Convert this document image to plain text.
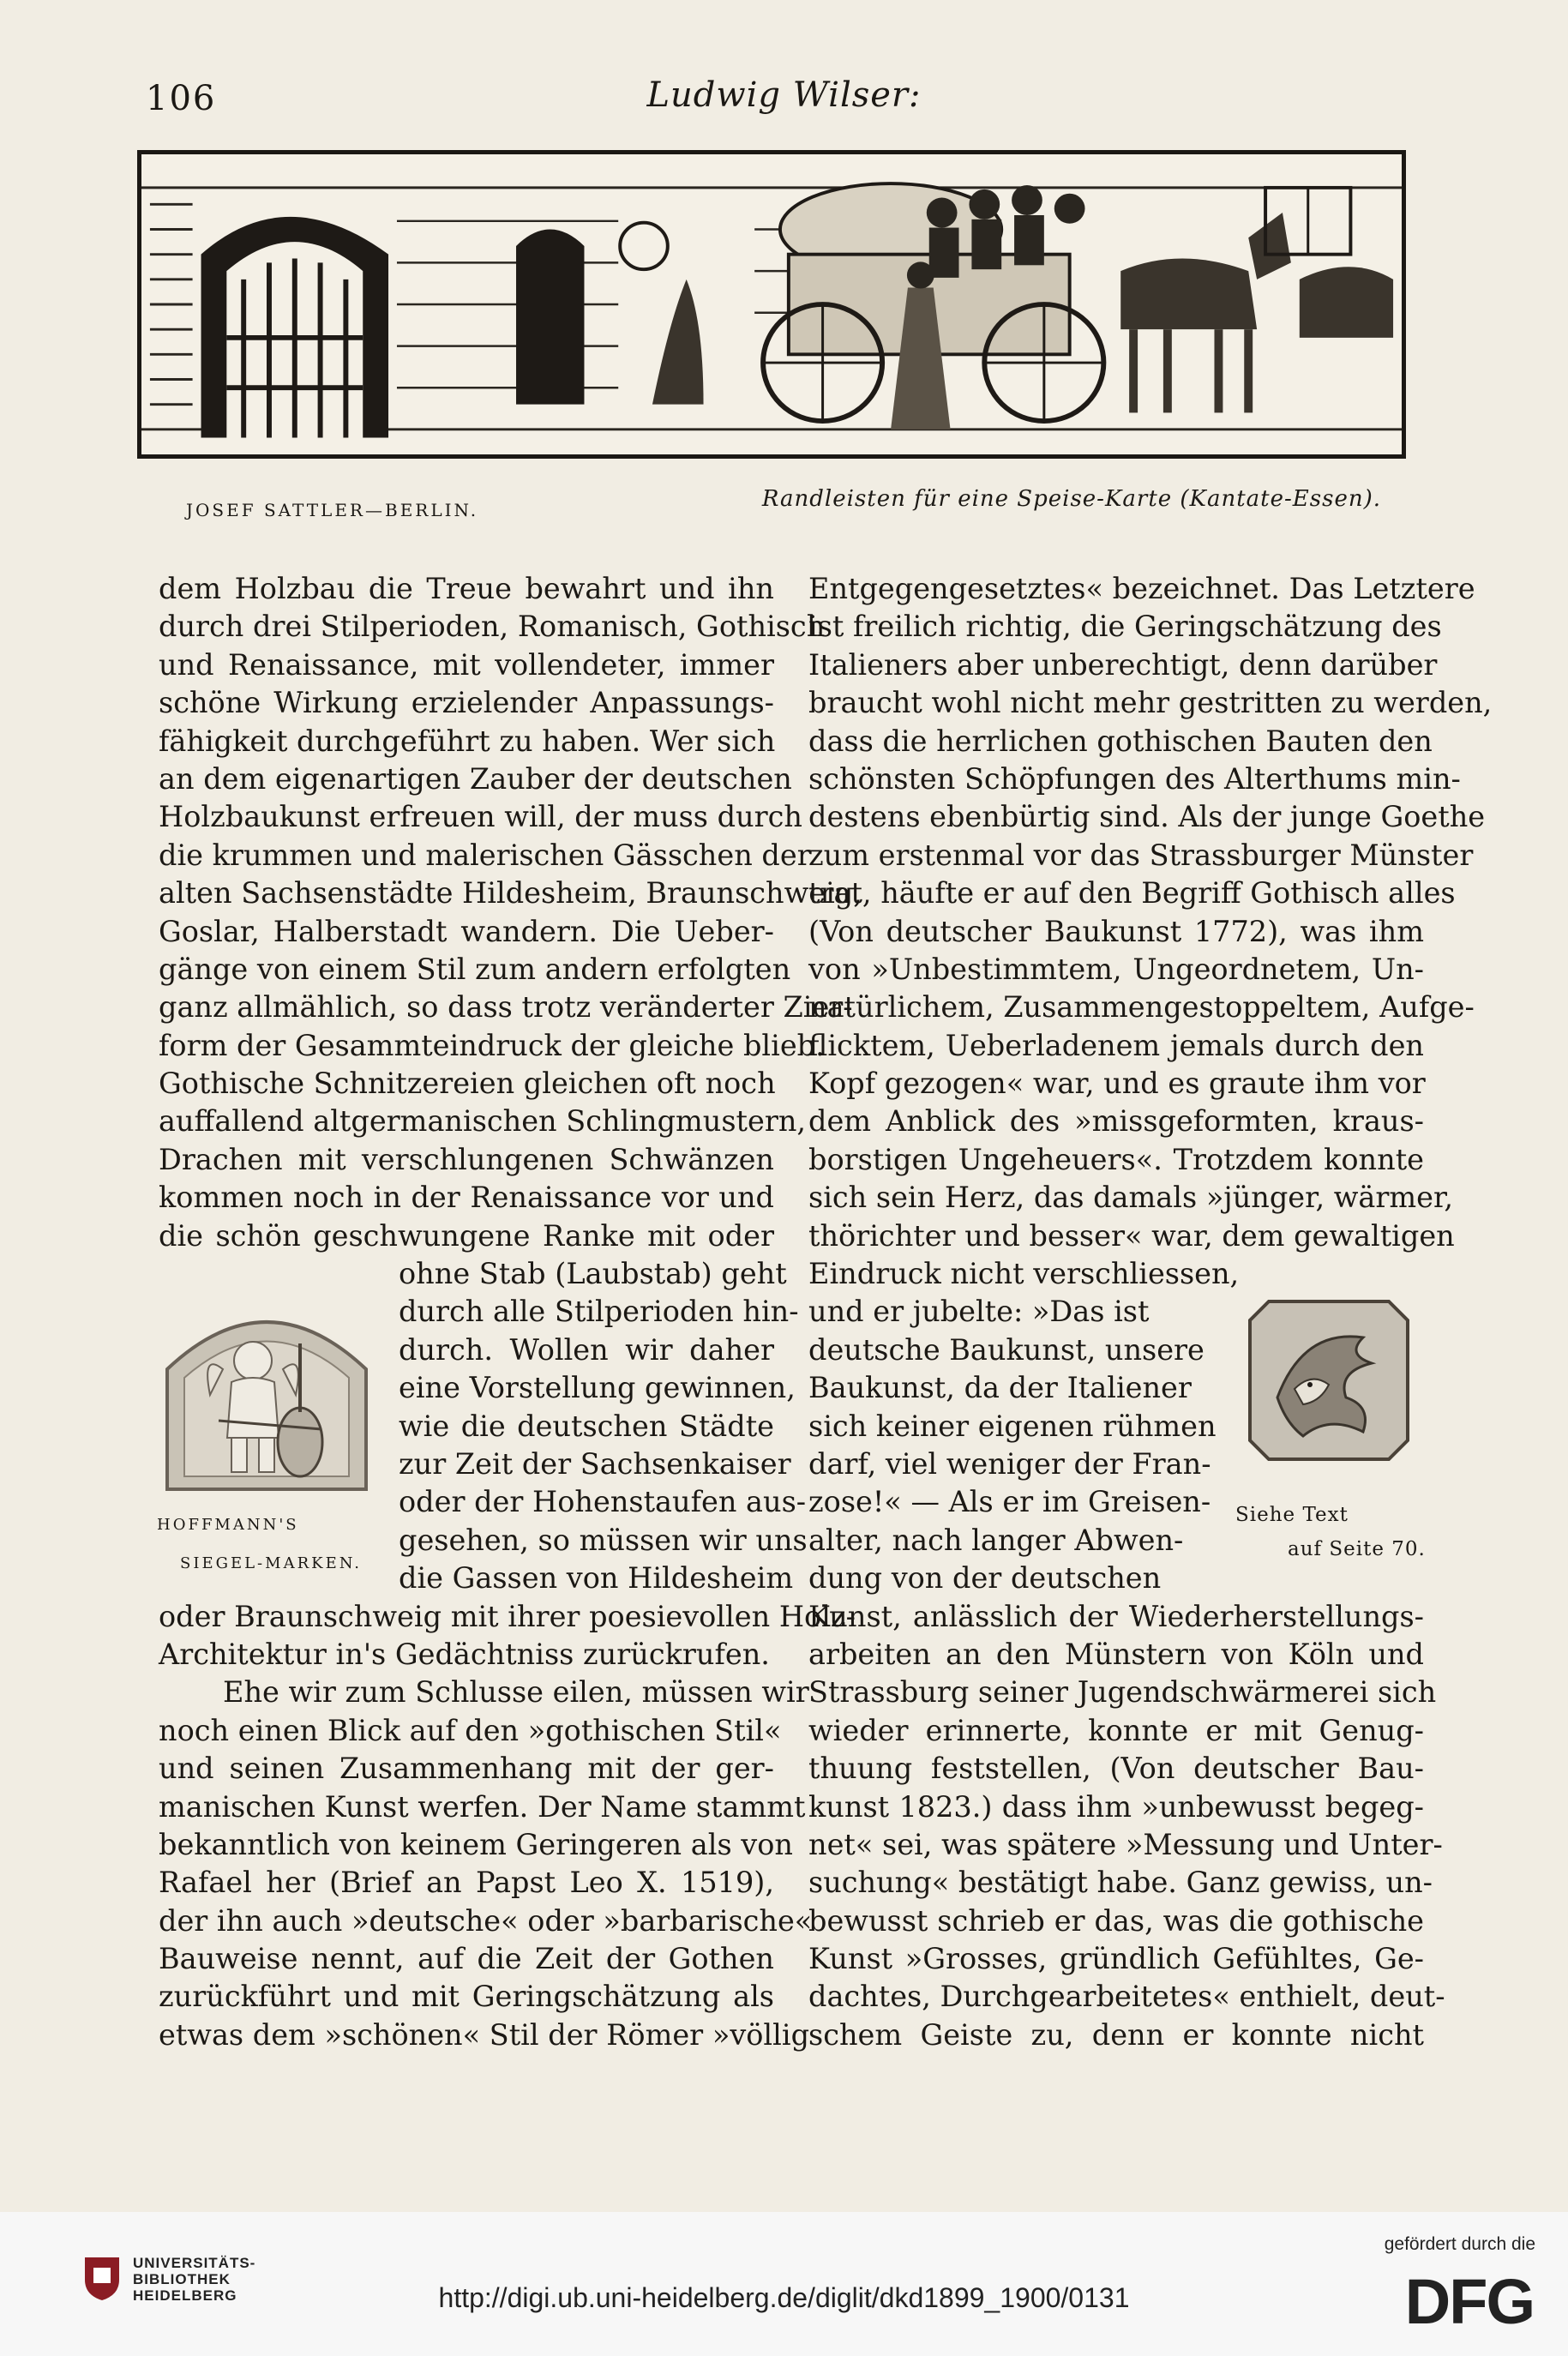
106	Ludwig Wilser:
JOSEF SATTLER—BERLIN.	Randleisten für eine Speise-Karte (Kantate-Essen).
dem Holzbau die Treue bewahrt und ihn
durch drei Stilperioden, Romanisch, Gothisch
und Renaissance, mit vollendeter, immer
schöne Wirkung erzielender Anpassungs-
fähigkeit durchgeführt zu haben. Wer sich
an dem eigenartigen Zauber der deutschen
Holzbaukunst erfreuen will, der muss durch
die krummen und malerischen Gässchen der
alten Sachsenstädte Hildesheim, Braunschweig,
Goslar, Halberstadt wandern. Die Ueber-
gänge von einem Stil zum andern erfolgten
ganz allmählich, so dass trotz veränderter Zier-
form der Gesammteindruck der gleiche blieb.
Gothische Schnitzereien gleichen oft noch
auffallend altgermanischen Schlingmustern,
Drachen mit verschlungenen Schwänzen
kommen noch in der Renaissance vor und
die schön geschwungene Ranke mit oder
ohne Stab (Laubstab) geht
durch alle Stilperioden hin-
durch. Wollen wir daher
eine Vorstellung gewinnen,
wie die deutschen Städte
zur Zeit der Sachsenkaiser
oder der Hohenstaufen aus-
gesehen, so müssen wir uns
die Gassen von Hildesheim
oder Braunschweig mit ihrer poesievollen Holz-
Architektur in's Gedächtniss zurückrufen.
Ehe wir zum Schlusse eilen, müssen wir
noch einen Blick auf den »gothischen Stil«
und seinen Zusammenhang mit der ger-
manischen Kunst werfen. Der Name stammt
bekanntlich von keinem Geringeren als von
Rafael her (Brief an Papst Leo X. 1519),
der ihn auch »deutsche« oder »barbarische«
Bauweise nennt, auf die Zeit der Gothen
zurückführt und mit Geringschätzung als
etwas dem »schönen« Stil der Römer »völlig
HOFFMANN'S
SIEGEL-MARKEN.
Entgegengesetztes« bezeichnet. Das Letztere
ist freilich richtig, die Geringschätzung des
Italieners aber unberechtigt, denn darüber
braucht wohl nicht mehr gestritten zu werden,
dass die herrlichen gothischen Bauten den
schönsten Schöpfungen des Alterthums min-
destens ebenbürtig sind. Als der junge Goethe
zum erstenmal vor das Strassburger Münster
trat, häufte er auf den Begriff Gothisch alles
(Von deutscher Baukunst 1772), was ihm
von »Unbestimmtem, Ungeordnetem, Un-
natürlichem, Zusammengestoppeltem, Aufge-
flicktem, Ueberladenem jemals durch den
Kopf gezogen« war, und es graute ihm vor
dem Anblick des »missgeformten, kraus-
borstigen Ungeheuers«. Trotzdem konnte
sich sein Herz, das damals »jünger, wärmer,
thörichter und besser« war, dem gewaltigen
Eindruck nicht verschliessen,
und er jubelte: »Das ist
deutsche Baukunst, unsere
Baukunst, da der Italiener
sich keiner eigenen rühmen
darf, viel weniger der Fran-
zose!« — Als er im Greisen-
alter, nach langer Abwen-
dung von der deutschen
Kunst, anlässlich der Wiederherstellungs-
arbeiten an den Münstern von Köln und
Strassburg seiner Jugendschwärmerei sich
wieder erinnerte, konnte er mit Genug-
thuung feststellen, (Von deutscher Bau-
kunst 1823.) dass ihm »unbewusst begeg-
net« sei, was spätere »Messung und Unter-
suchung« bestätigt habe. Ganz gewiss, un-
bewusst schrieb er das, was die gothische
Kunst »Grosses, gründlich Gefühltes, Ge-
dachtes, Durchgearbeitetes« enthielt, deut-
schem Geiste zu, denn er konnte nicht
Siehe Text
auf Seite 70.
UNIVERSITÄTS-
BIBLIOTHEK
HEIDELBERG	http://digi.ub.uni-heidelberg.de/diglit/dkd1899_1900/0131
gefördert durch die
DFG
